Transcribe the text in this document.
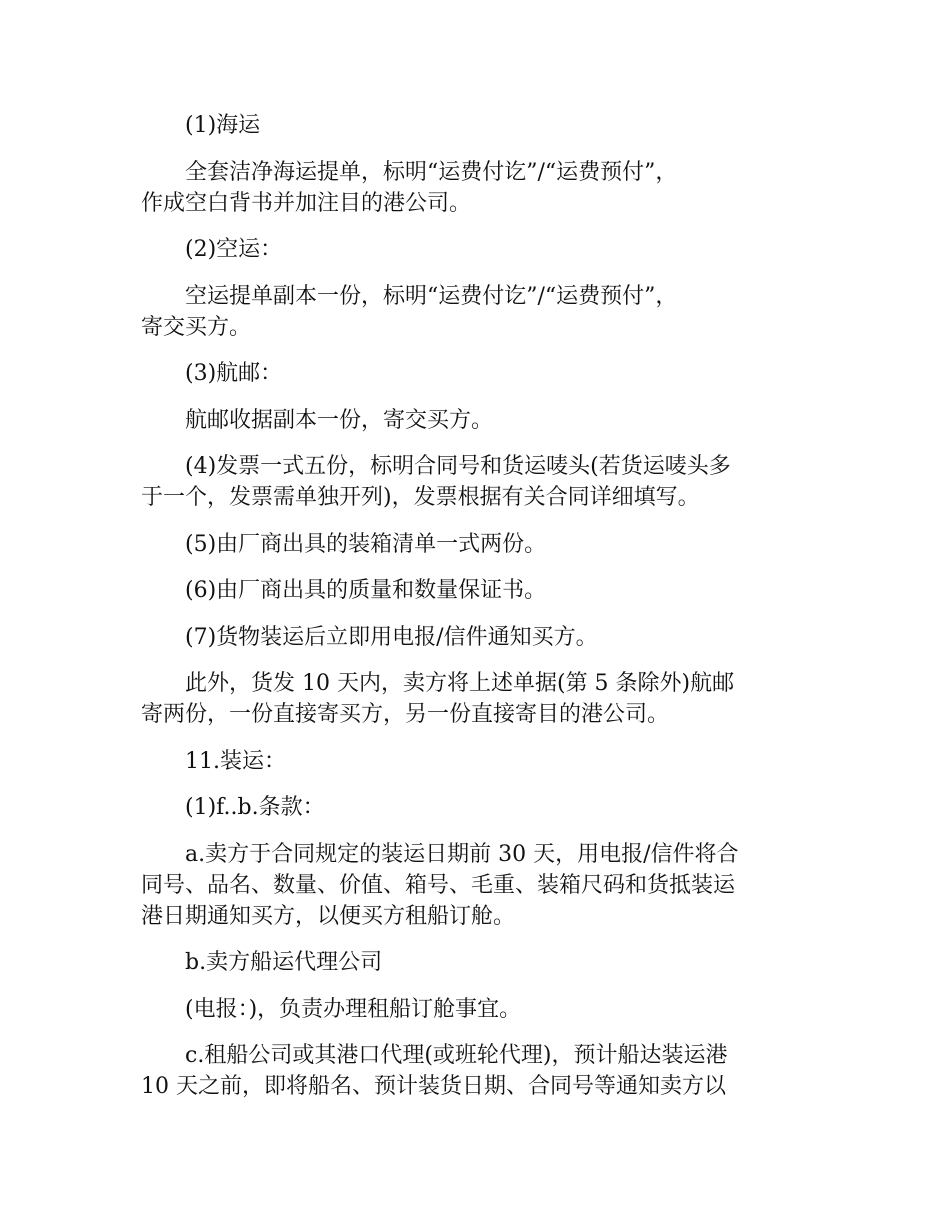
(1)海运

全套洁净海运提单，标明“运费付讫”/“运费预付”，
作成空白背书并加注目的港公司。

(2)空运：

空运提单副本一份，标明“运费付讫”/“运费预付”，
寄交买方。

(3)航邮：

航邮收据副本一份，寄交买方。

(4)发票一式五份，标明合同号和货运唛头(若货运唛头多
于一个，发票需单独开列)，发票根据有关合同详细填写。

(5)由厂商出具的装箱清单一式两份。

(6)由厂商出具的质量和数量保证书。

(7)货物装运后立即用电报/信件通知买方。

此外，货发 10 天内，卖方将上述单据(第 5 条除外)航邮
寄两份，一份直接寄买方，另一份直接寄目的港公司。

11.装运：

(1)f..b.条款：

a.卖方于合同规定的装运日期前 30 天，用电报/信件将合
同号、品名、数量、价值、箱号、毛重、装箱尺码和货抵装运
港日期通知买方，以便买方租船订舱。

b.卖方船运代理公司

(电报：)，负责办理租船订舱事宜。

c.租船公司或其港口代理(或班轮代理)，预计船达装运港
10 天之前，即将船名、预计装货日期、合同号等通知卖方以
